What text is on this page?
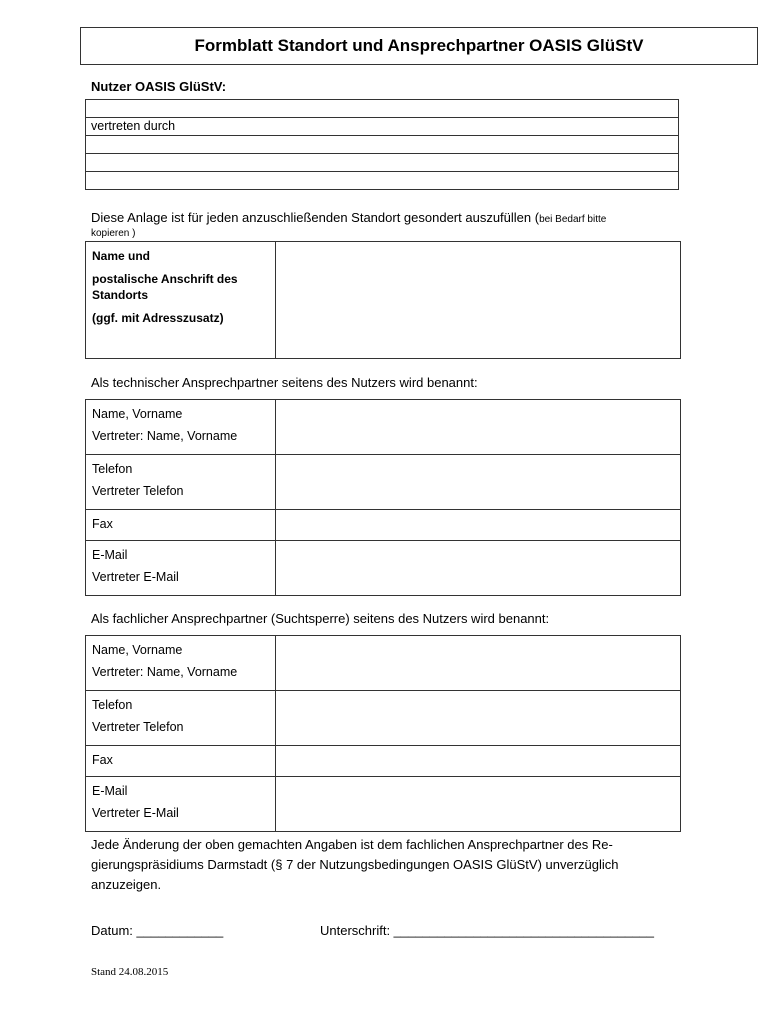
Formblatt Standort und Ansprechpartner OASIS GlüStV
Nutzer OASIS GlüStV:

vertreten durch

Diese Anlage ist für jeden anzuschließenden Standort gesondert auszufüllen (bei Bedarf bitte
kopieren )
Name und
postalische Anschrift des Standorts
(ggf. mit Adresszusatz)

Als technischer Ansprechpartner seitens des Nutzers wird benannt:
Name, Vorname
Vertreter: Name, Vorname	

Telefon
Vertreter Telefon	

Fax	

E-Mail
Vertreter E-Mail	

Als fachlicher Ansprechpartner (Suchtsperre) seitens des Nutzers wird benannt:
Name, Vorname
Vertreter: Name, Vorname	

Telefon
Vertreter Telefon	

Fax	

E-Mail
Vertreter E-Mail	

Jede Änderung der oben gemachten Angaben ist dem fachlichen Ansprechpartner des Re-
gierungspräsidiums Darmstadt (§ 7 der Nutzungsbedingungen OASIS GlüStV) unverzüglich
anzuzeigen.
Datum: ____________	Unterschrift: ____________________________________
Stand 24.08.2015
